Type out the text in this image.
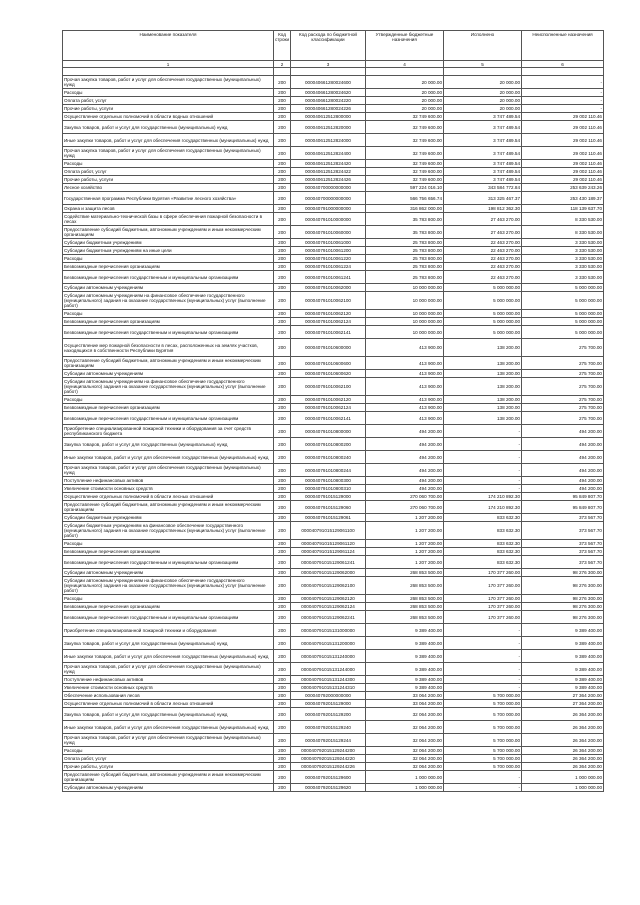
Наименование показателя	Код строки	Код расхода по бюджетной классификации	Утвержденные бюджетные назначения	Исполнено	Неисполненные назначения
1	2	3	4	5	6

Прочая закупка товаров, работ и услуг для обеспечения государственных (муниципальных) нужд	200	000040661280024600	20 000.00	20 000.00	-
Расходы	200	000040661280024620	20 000.00	20 000.00	-
Оплата работ, услуг	200	000040661280024220	20 000.00	20 000.00	-
Прочие работы, услуги	200	000040661280024226	20 000.00	20 000.00	-
Осуществление отдельных полномочий в области водных отношений	200	000040612512800000	32 749 600.00	3 747 489.54	29 002 110.46
Закупка товаров, работ и услуг для государственных (муниципальных) нужд	200	000040612512820000	32 749 600.00	3 747 489.54	29 002 110.46
Иные закупки товаров, работ и услуг для обеспечения государственных (муниципальных) нужд	200	000040612512824000	32 749 600.00	3 747 489.54	29 002 110.46
Прочая закупка товаров, работ и услуг для обеспечения государственных (муниципальных) нужд	200	000040612512824400	32 749 600.00	3 747 489.54	29 002 110.46
Расходы	200	000040612512824420	32 749 600.00	3 747 489.54	29 002 110.46
Оплата работ, услуг	200	000040612512824422	32 749 600.00	3 747 489.54	29 002 110.46
Прочие работы, услуги	200	000040612512824426	32 749 600.00	3 747 489.54	29 002 110.46
Лесное хозяйство	200	000040700000000000	597 224 016.10	343 584 772.84	253 639 243.26
Государственная программа Республики Бурятия «Развитие лесного хозяйства»	200	000040700000000000	566 756 656.74	313 325 467.37	253 430 189.37
Охрана и защита лесов	200	000040791000000000	316 862 000.00	198 812 362.30	118 139 637.70
Содействие материально-технической базы в сфере обеспечения пожарной безопасности в лесах	200	000040791010000000	35 783 800.00	27 463 270.00	8 330 530.00
Предоставление субсидий бюджетным, автономным учреждениям и иным некоммерческим организациям	200	000040791010060000	35 783 800.00	27 463 270.00	8 330 530.00
Субсидии бюджетным учреждениям	200	000040791010061000	25 783 800.00	22 463 270.00	3 330 530.00
Субсидии бюджетным учреждениям на иные цели	200	000040791010061200	25 783 800.00	22 463 270.00	3 330 530.00
Расходы	200	000040791010061220	25 783 800.00	22 463 270.00	3 330 530.00
Безвозмездные перечисления организациям	200	000040791010061224	25 783 800.00	22 463 270.00	3 330 530.00
Безвозмездные перечисления государственным и муниципальным организациям	200	000040791010061241	25 783 800.00	22 463 270.00	3 330 530.00
Субсидии автономным учреждениям	200	000040791010062000	10 000 000.00	5 000 000.00	5 000 000.00
Субсидии автономным учреждениям на финансовое обеспечение государственного (муниципального) задания на оказание государственных (муниципальных) услуг (выполнение работ)	200	000040791010062100	10 000 000.00	5 000 000.00	5 000 000.00
Расходы	200	000040791010062120	10 000 000.00	5 000 000.00	5 000 000.00
Безвозмездные перечисления организациям	200	000040791010062124	10 000 000.00	5 000 000.00	5 000 000.00
Безвозмездные перечисления государственным и муниципальным организациям	200	000040791010062141	10 000 000.00	5 000 000.00	5 000 000.00
Осуществление мер пожарной безопасности в лесах, расположенных на землях участков, находящихся в собственности Республики Бурятия	200	000040791010600000	413 900.00	138 200.00	275 700.00
Предоставление субсидий бюджетным, автономным учреждениям и иным некоммерческим организациям	200	000040791010600600	413 900.00	138 200.00	275 700.00
Субсидии автономным учреждениям	200	000040791010600620	413 900.00	138 200.00	275 700.00
Субсидии автономным учреждениям на финансовое обеспечение государственного (муниципального) задания на оказание государственных (муниципальных) услуг (выполнение работ)	200	000040791010062100	413 900.00	138 200.00	275 700.00
Расходы	200	000040791010062120	413 900.00	138 200.00	275 700.00
Безвозмездные перечисления организациям	200	000040791010062124	413 900.00	138 200.00	275 700.00
Безвозмездные перечисления государственным и муниципальным организациям	200	000040791010062141	413 900.00	138 200.00	275 700.00
Приобретение специализированной пожарной техники и оборудования за счет средств республиканского бюджета	200	000040791010800000	494 200.00	-	494 200.00
Закупка товаров, работ и услуг для государственных (муниципальных) нужд	200	000040791010800200	494 200.00	-	494 200.00
Иные закупки товаров, работ и услуг для обеспечения государственных (муниципальных) нужд	200	000040791010800240	494 200.00	-	494 200.00
Прочая закупка товаров, работ и услуг для обеспечения государственных (муниципальных) нужд	200	000040791010800244	494 200.00	-	494 200.00
Поступление нефинансовых активов	200	000040791010800300	494 200.00	-	494 200.00
Увеличение стоимости основных средств	200	000040791010800310	494 200.00	-	494 200.00
Осуществление отдельных полномочий в области лесных отношений	200	000040791015129000	270 060 700.00	174 210 892.30	95 849 807.70
Предоставление субсидий бюджетным, автономным учреждениям и иным некоммерческим организациям	200	000040791015129060	270 060 700.00	174 210 892.30	95 849 807.70
Субсидии бюджетным учреждениям	200	000040791015129061	1 207 200.00	833 632.30	373 567.70
Субсидии бюджетным учреждениям на финансовое обеспечение государственного (муниципального) задания на оказание государственных (муниципальных) услуг (выполнение работ)	200	000040791015129061100	1 207 200.00	833 632.30	373 567.70
Расходы	200	000040791015129061120	1 207 200.00	833 632.30	373 567.70
Безвозмездные перечисления организациям	200	000040791015129061124	1 207 200.00	833 632.30	373 567.70
Безвозмездные перечисления государственным и муниципальным организациям	200	000040791015129061241	1 207 200.00	833 632.30	373 567.70
Субсидии автономным учреждениям	200	000040791015129062000	268 853 500.00	170 377 260.00	98 276 300.00
Субсидии автономным учреждениям на финансовое обеспечение государственного (муниципального) задания на оказание государственных (муниципальных) услуг (выполнение работ)	200	000040791015129062100	268 853 500.00	170 377 260.00	98 276 300.00
Расходы	200	000040791015129062120	268 853 500.00	170 377 260.00	98 276 300.00
Безвозмездные перечисления организациям	200	000040791015129062124	268 853 500.00	170 377 260.00	98 276 300.00
Безвозмездные перечисления государственным и муниципальным организациям	200	000040791015129062241	268 853 500.00	170 377 260.00	98 276 300.00
Приобретение специализированной пожарной техники и оборудования	200	000040791015131000000	9 389 400.00	-	9 389 400.00
Закупка товаров, работ и услуг для государственных (муниципальных) нужд	200	000040791015131200000	9 389 400.00	-	9 389 400.00
Иные закупки товаров, работ и услуг для обеспечения государственных (муниципальных) нужд	200	000040791015131240000	9 389 400.00	-	9 389 400.00
Прочая закупка товаров, работ и услуг для обеспечения государственных (муниципальных) нужд	200	000040791015131244000	9 389 400.00	-	9 389 400.00
Поступление нефинансовых активов	200	000040791015131244300	9 389 400.00	-	9 389 400.00
Увеличение стоимости основных средств	200	000040791015131244310	9 389 400.00	-	9 389 400.00
Обеспечение использования лесов	200	000040792000000000	33 064 200.00	5 700 000.00	27 364 200.00
Осуществление отдельных полномочий в области лесных отношений	200	000040792015129000	33 064 200.00	5 700 000.00	27 364 200.00
Закупка товаров, работ и услуг для государственных (муниципальных) нужд	200	000040792015129200	32 064 200.00	5 700 000.00	26 364 200.00
Иные закупки товаров, работ и услуг для обеспечения государственных (муниципальных) нужд	200	000040792015129240	32 064 200.00	5 700 000.00	26 364 200.00
Прочая закупка товаров, работ и услуг для обеспечения государственных (муниципальных) нужд	200	000040792015129244	32 064 200.00	5 700 000.00	26 364 200.00
Расходы	200	000040792015129244200	32 064 200.00	5 700 000.00	26 364 200.00
Оплата работ, услуг	200	000040792015129244220	32 064 200.00	5 700 000.00	26 364 200.00
Прочие работы, услуги	200	000040792015129244226	32 064 200.00	5 700 000.00	26 364 200.00
Предоставление субсидий бюджетным, автономным учреждениям и иным некоммерческим организациям	200	000040792015129600	1 000 000.00	-	1 000 000.00
Субсидии автономным учреждениям	200	000040792015129620	1 000 000.00	-	1 000 000.00
